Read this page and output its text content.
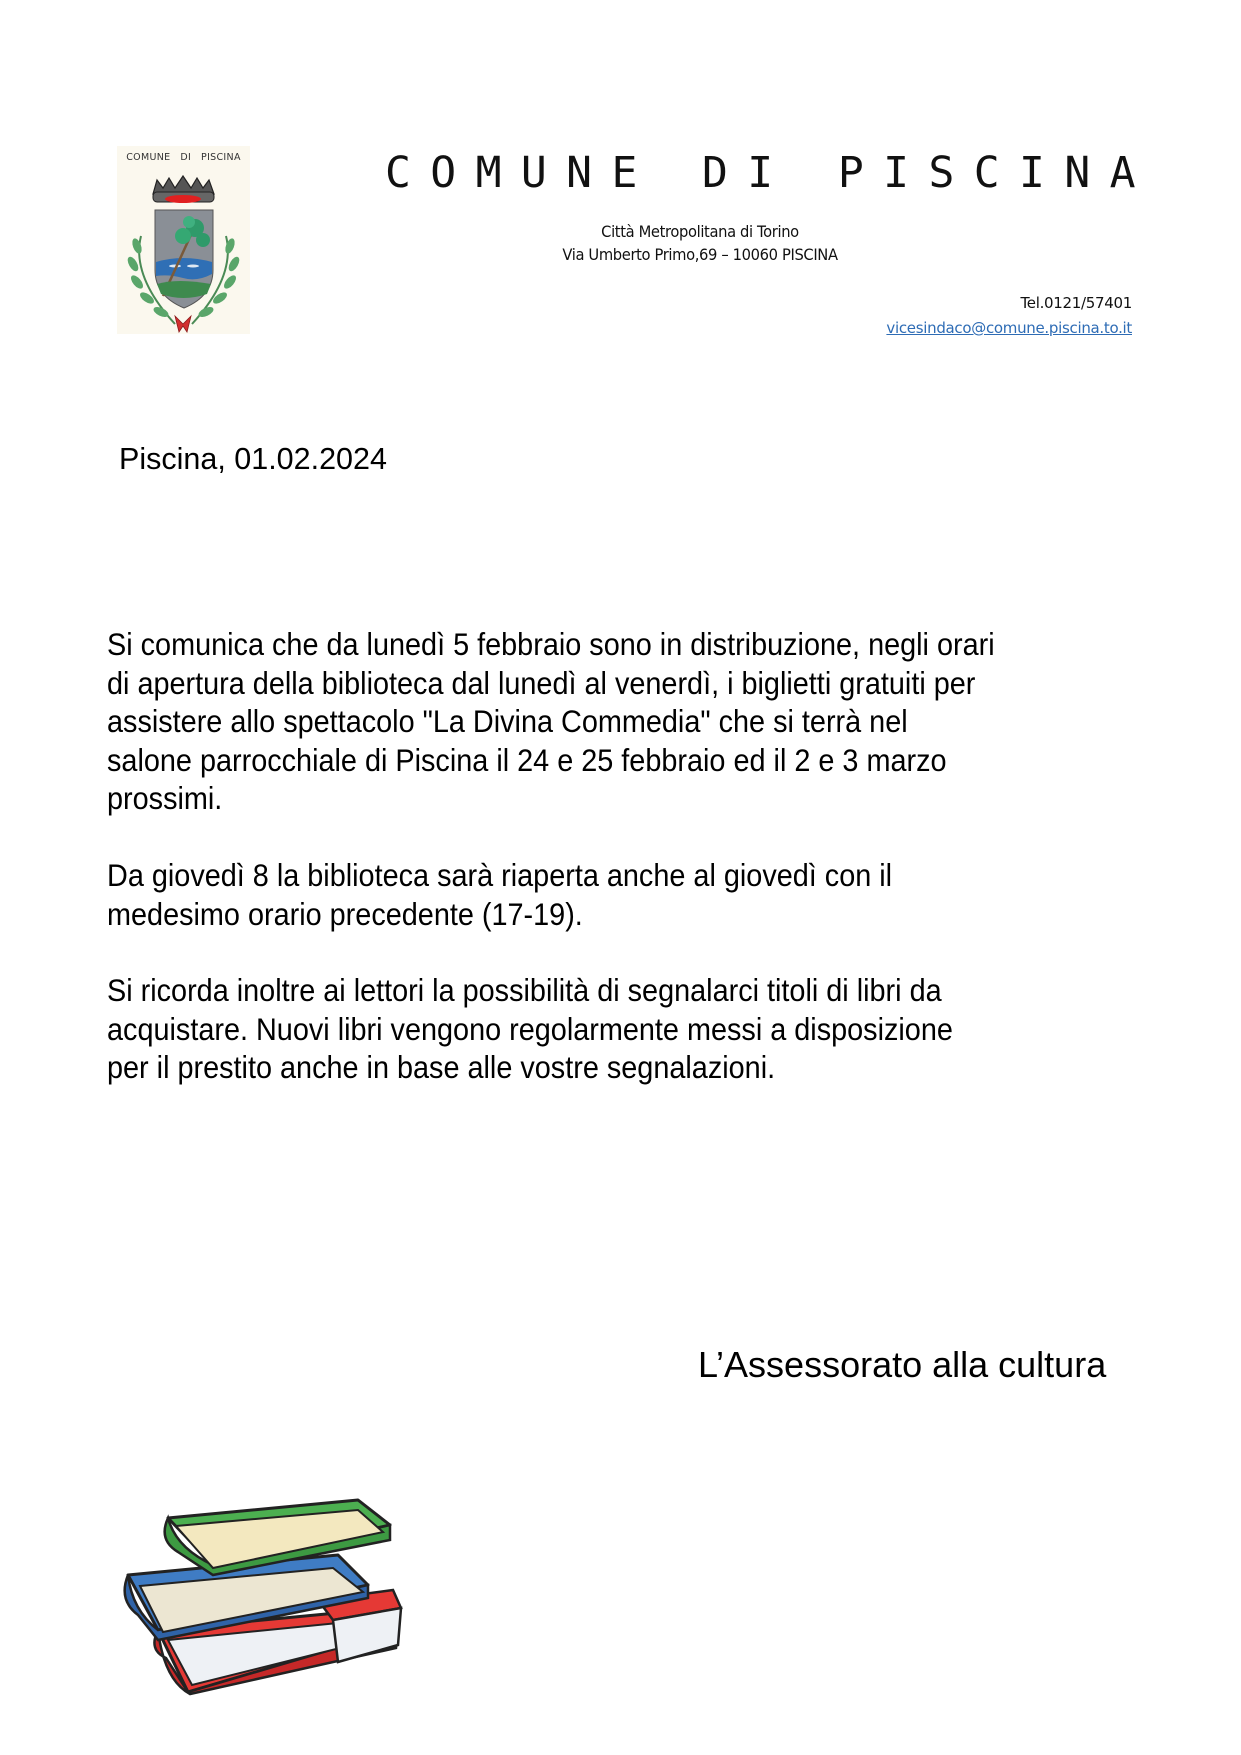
COMUNE   DI   PISCINA	COMUNE DI PISCINA
Città Metropolitana di Torino
Via Umberto Primo,69 – 10060 PISCINA
Tel.0121/57401
vicesindaco@comune.piscina.to.it
Piscina, 01.02.2024
Si comunica che da lunedì 5 febbraio sono in distribuzione, negli orari
di apertura della biblioteca dal lunedì al venerdì, i biglietti gratuiti per
assistere allo spettacolo "La Divina Commedia" che si terrà nel
salone parrocchiale di Piscina il 24 e 25 febbraio ed il 2 e 3 marzo
prossimi.
Da giovedì 8 la biblioteca sarà riaperta anche al giovedì con il
medesimo orario precedente (17-19).
Si ricorda inoltre ai lettori la possibilità di segnalarci titoli di libri da
acquistare. Nuovi libri vengono regolarmente messi a disposizione
per il prestito anche in base alle vostre segnalazioni.
L’Assessorato alla cultura
